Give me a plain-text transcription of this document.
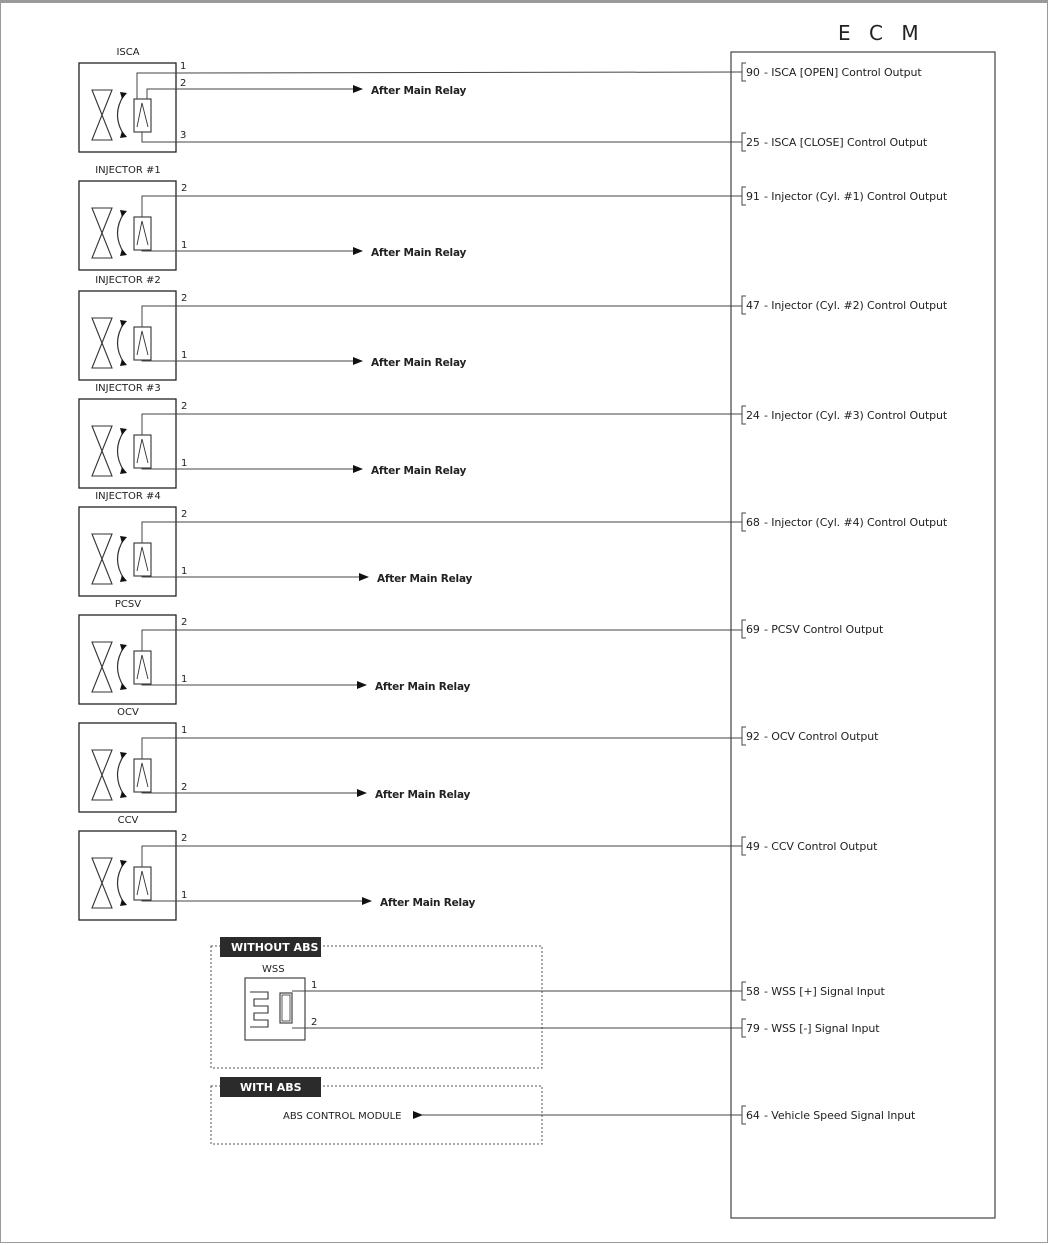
E C M
90 - ISCA [OPEN] Control Output
25 - ISCA [CLOSE] Control Output
91 - Injector (Cyl. #1) Control Output
47 - Injector (Cyl. #2) Control Output
24 - Injector (Cyl. #3) Control Output
68 - Injector (Cyl. #4) Control Output
69 - PCSV Control Output
92 - OCV Control Output
49 - CCV Control Output
58 - WSS [+] Signal Input
79 - WSS [-] Signal Input
64 - Vehicle Speed Signal Input
ISCA
1
2
3
After Main Relay
INJECTOR #1
2
1
After Main Relay
INJECTOR #2
2
1
After Main Relay
INJECTOR #3
2
1
After Main Relay
INJECTOR #4
2
1
After Main Relay
PCSV
2
1
After Main Relay
OCV
1
2
After Main Relay
CCV
2
1
After Main Relay
WITHOUT ABS
WSS
1
2
WITH ABS
ABS CONTROL MODULE
